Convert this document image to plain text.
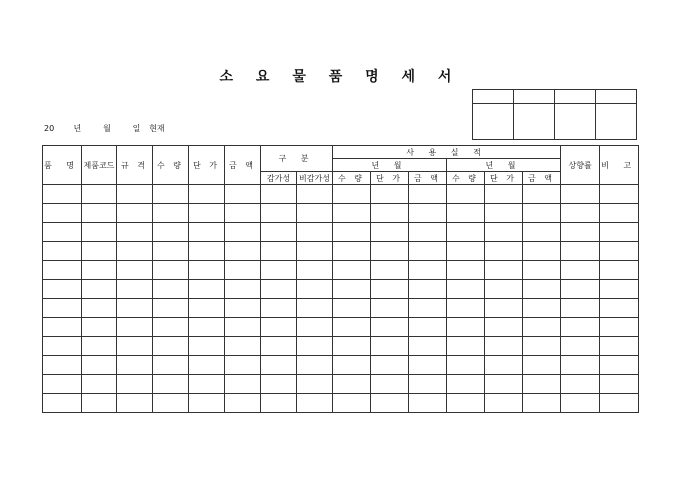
소 요 물 품 명 세 서

20 년	월	일 현재
품 명	제품코드	규 격	수 량	단 가	금 액	구 분		사 용 실 적						상향률	비 고
								년 월			년 월				
						감가성	비감가성	수 량	단 가	금 액	수 량	단 가	금 액		
